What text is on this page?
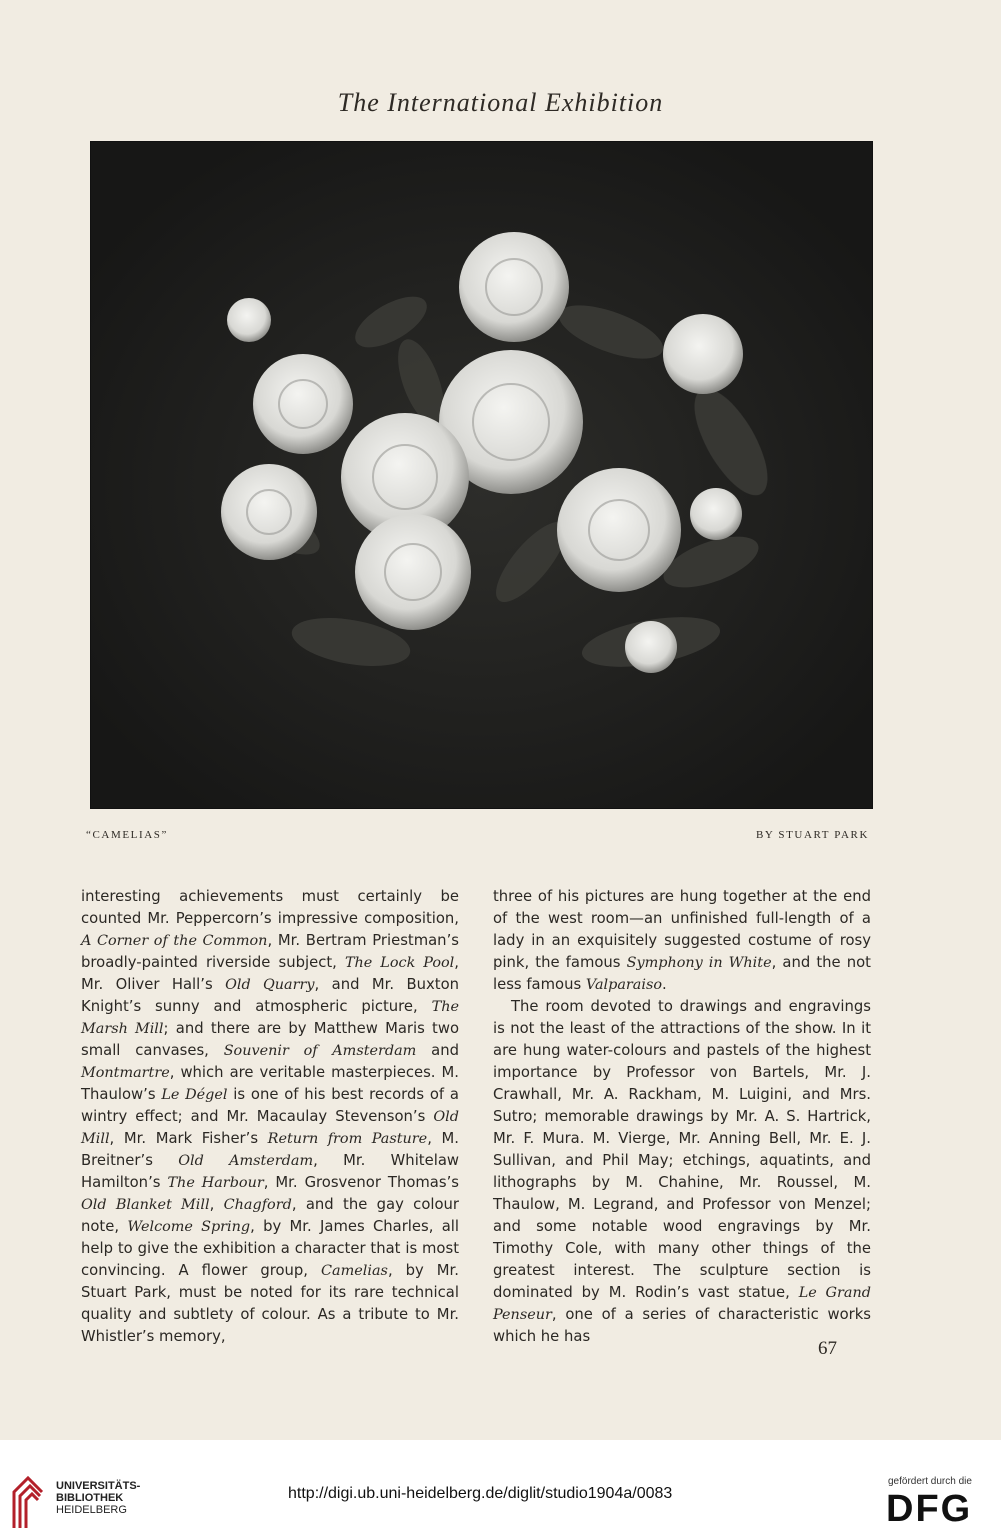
The International Exhibition
“CAMELIAS”	BY STUART PARK

interesting achievements must certainly be counted Mr. Peppercorn’s impressive composition, A Corner of the Common, Mr. Bertram Priestman’s broadly-painted riverside subject, The Lock Pool, Mr. Oliver Hall’s Old Quarry, and Mr. Buxton Knight’s sunny and atmospheric picture, The Marsh Mill; and there are by Matthew Maris two small canvases, Souvenir of Amsterdam and Montmartre, which are veritable masterpieces. M. Thaulow’s Le Dégel is one of his best records of a wintry effect; and Mr. Macaulay Stevenson’s Old Mill, Mr. Mark Fisher’s Return from Pasture, M. Breitner’s Old Amsterdam, Mr. Whitelaw Hamilton’s The Harbour, Mr. Grosvenor Thomas’s Old Blanket Mill, Chagford, and the gay colour note, Welcome Spring, by Mr. James Charles, all help to give the exhibition a character that is most convincing. A flower group, Camelias, by Mr. Stuart Park, must be noted for its rare technical quality and subtlety of colour. As a tribute to Mr. Whistler’s memory,

three of his pictures are hung together at the end of the west room—an unfinished full-length of a lady in an exquisitely suggested costume of rosy pink, the famous Symphony in White, and the not less famous Valparaiso.

The room devoted to drawings and engravings is not the least of the attractions of the show. In it are hung water-colours and pastels of the highest importance by Professor von Bartels, Mr. J. Crawhall, Mr. A. Rackham, M. Luigini, and Mrs. Sutro; memorable drawings by Mr. A. S. Hartrick, Mr. F. Mura. M. Vierge, Mr. Anning Bell, Mr. E. J. Sullivan, and Phil May; etchings, aquatints, and lithographs by M. Chahine, Mr. Roussel, M. Thaulow, M. Legrand, and Professor von Menzel; and some notable wood engravings by Mr. Timothy Cole, with many other things of the greatest interest. The sculpture section is dominated by M. Rodin’s vast statue, Le Grand Penseur, one of a series of characteristic works which he has

67
UNIVERSITÄTS-
BIBLIOTHEK
HEIDELBERG
http://digi.ub.uni-heidelberg.de/diglit/studio1904a/0083
gefördert durch die
DFG
